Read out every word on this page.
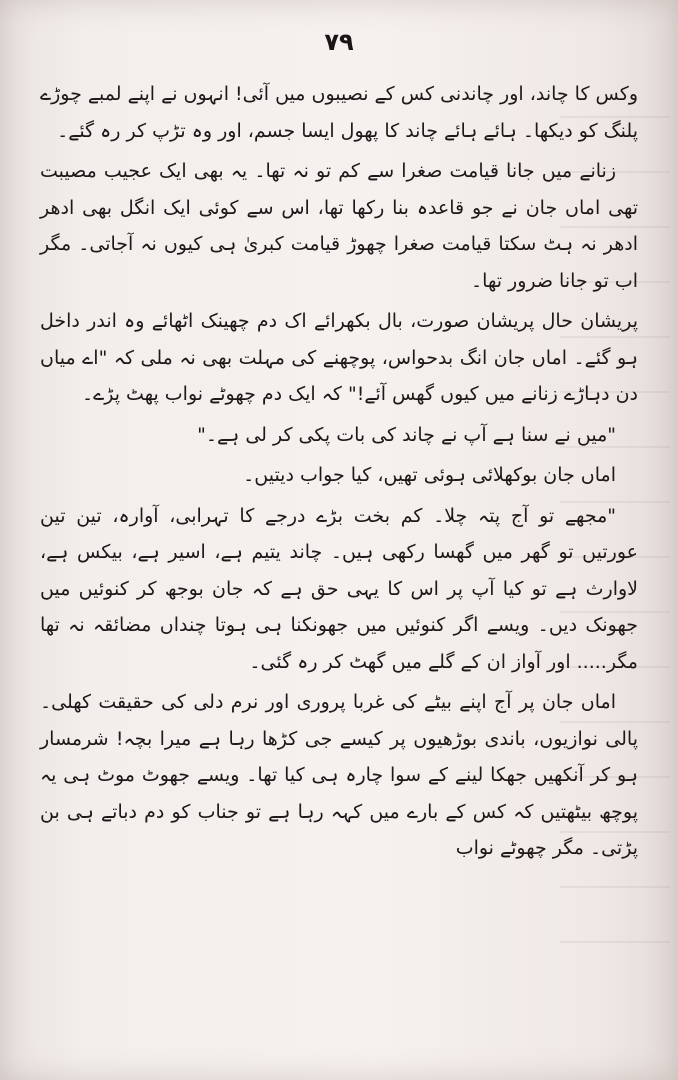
۷۹

وکس کا چاند، اور چاندنی کس کے نصیبوں میں آئی! انہوں نے اپنے لمبے چوڑے پلنگ کو دیکھا۔ ہائے ہائے چاند کا پھول ایسا جسم، اور وہ تڑپ کر رہ گئے۔

زنانے میں جانا قیامت صغرا سے کم تو نہ تھا۔ یہ بھی ایک عجیب مصیبت تھی اماں جان نے جو قاعدہ بنا رکھا تھا، اس سے کوئی ایک انگل بھی ادھر ادھر نہ ہٹ سکتا قیامت صغرا چھوڑ قیامت کبریٰ ہی کیوں نہ آجاتی۔ مگر اب تو جانا ضرور تھا۔

پریشان حال پریشان صورت، بال بکھرائے اک دم چھینک اٹھائے وہ اندر داخل ہو گئے۔ اماں جان انگ بدحواس، پوچھنے کی مہلت بھی نہ ملی کہ "اے میاں دن دہاڑے زنانے میں کیوں گھس آئے!" کہ ایک دم چھوٹے نواب پھٹ پڑے۔

"میں نے سنا ہے آپ نے چاند کی بات پکی کر لی ہے۔"

اماں جان بوکھلائی ہوئی تھیں، کیا جواب دیتیں۔

"مجھے تو آج پتہ چلا۔ کم بخت بڑے درجے کا تہرابی، آوارہ، تین تین عورتیں تو گھر میں گھسا رکھی ہیں۔ چاند یتیم ہے، اسیر ہے، بیکس ہے، لاوارث ہے تو کیا آپ پر اس کا یہی حق ہے کہ جان بوجھ کر کنوئیں میں جھونک دیں۔ ویسے اگر کنوئیں میں جھونکنا ہی ہوتا چنداں مضائقہ نہ تھا مگر..... اور آواز ان کے گلے میں گھٹ کر رہ گئی۔

اماں جان پر آج اپنے بیٹے کی غربا پروری اور نرم دلی کی حقیقت کھلی۔ پالی نوازیوں، باندی بوڑھیوں پر کیسے جی کڑھا رہا ہے میرا بچہ! شرمسار ہو کر آنکھیں جھکا لینے کے سوا چارہ ہی کیا تھا۔ ویسے جھوٹ موٹ ہی یہ پوچھ بیٹھتیں کہ کس کے بارے میں کہہ رہا ہے تو جناب کو دم دباتے ہی بن پڑتی۔ مگر چھوٹے نواب
